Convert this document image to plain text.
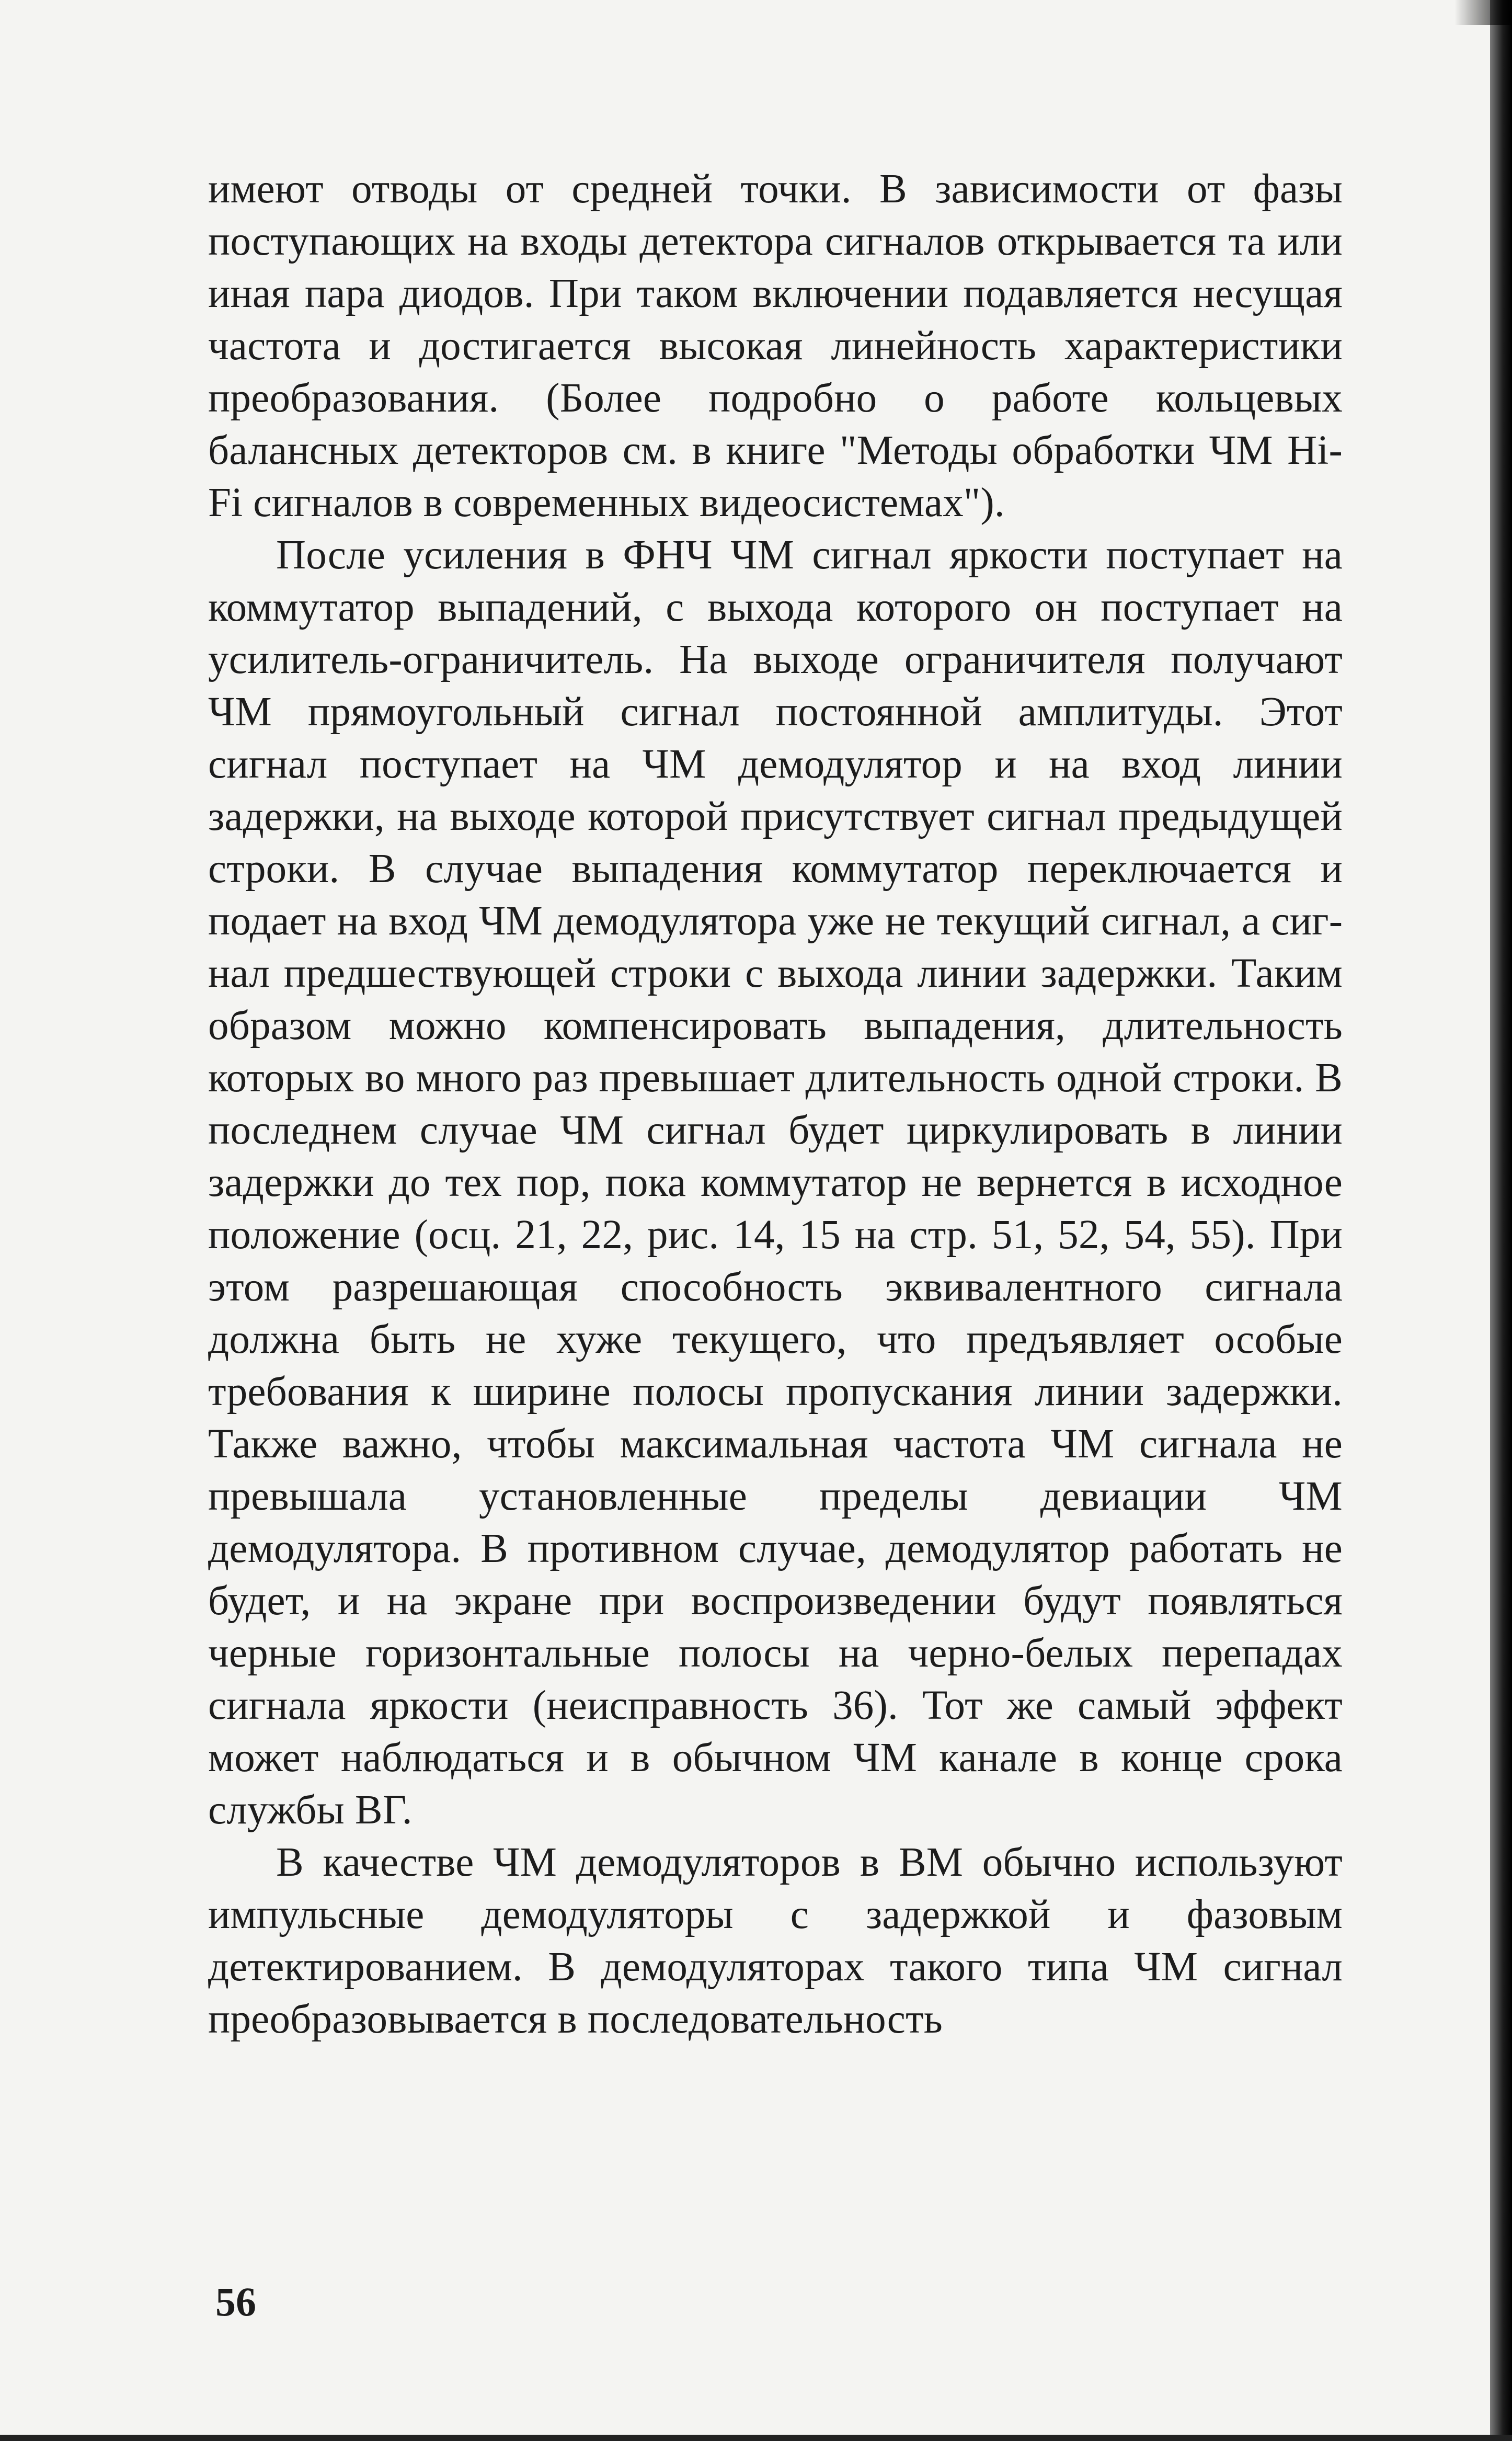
имеют отводы от средней точки. В зависимости от фазы поступающих на входы детектора сигналов открывается та или иная пара диодов. При таком включении подавляется несущая частота и достигается высокая линейность характеристики преобразования. (Более подробно о работе кольцевых балансных детекторов см. в книге "Методы обработки ЧМ Hi-Fi сигналов в современных видеосистемах").

После усиления в ФНЧ ЧМ сигнал яркости поступает на коммутатор выпадений, с выхода которого он поступает на усилитель-ограничитель. На выходе ограничителя получают ЧМ прямоугольный сигнал постоянной амплитуды. Этот сигнал поступает на ЧМ демодулятор и на вход линии задержки, на выходе которой присутствует сигнал предыдущей строки. В случае выпадения коммутатор переключается и подает на вход ЧМ демодулятора уже не текущий сигнал, а сигнал предшествующей строки с выхода линии задержки. Таким образом можно компенсировать выпадения, длительность которых во много раз превышает длительность одной строки. В последнем случае ЧМ сигнал будет циркулировать в линии задержки до тех пор, пока коммутатор не вернется в исходное положение (осц. 21, 22, рис. 14, 15 на стр. 51, 52, 54, 55). При этом разрешающая способность эквивалентного сигнала должна быть не хуже текущего, что предъявляет особые требования к ширине полосы пропускания линии задержки. Также важно, чтобы максимальная частота ЧМ сигнала не превышала установленные пределы девиации ЧМ демодулятора. В противном случае, демодулятор работать не будет, и на экране при воспроизведении будут появляться черные горизонтальные полосы на черно-белых перепадах сигнала яркости (неисправность 36). Тот же самый эффект может наблюдаться и в обычном ЧМ канале в конце срока службы ВГ.

В качестве ЧМ демодуляторов в ВМ обычно используют импульсные демодуляторы с задержкой и фазовым детектированием. В демодуляторах такого типа ЧМ сигнал преобразовывается в последовательность

56
